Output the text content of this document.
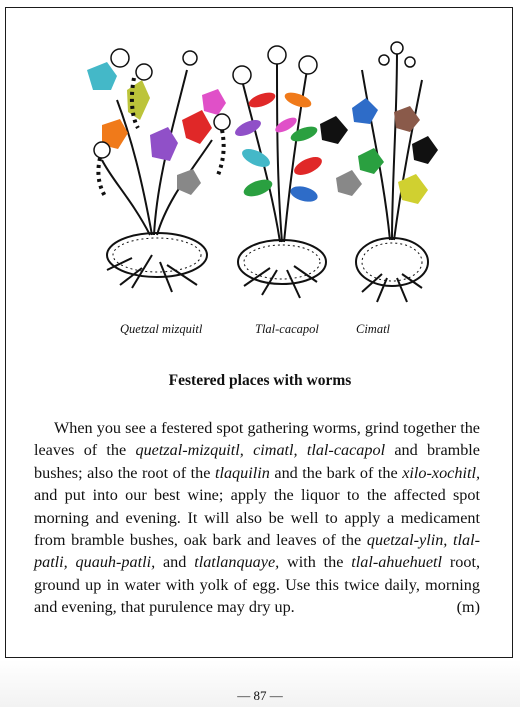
Quetzal mizquitl	Tlal-cacapol	Cimatl
Festered places with worms

When you see a festered spot gathering worms, grind together the leaves of the quetzal-mizquitl, cimatl, tlal-cacapol and bramble bushes; also the root of the tlaquilin and the bark of the xilo-xochitl, and put into our best wine; apply the liquor to the affected spot morning and evening. It will also be well to apply a medicament from bramble bushes, oak bark and leaves of the quetzal-ylin, tlal-patli, quauh-patli, and tlatlanquaye, with the tlal-ahuehuetl root, ground up in water with yolk of egg. Use this twice daily, morning and evening, that purulence may dry up.	(m)

— 87 —
